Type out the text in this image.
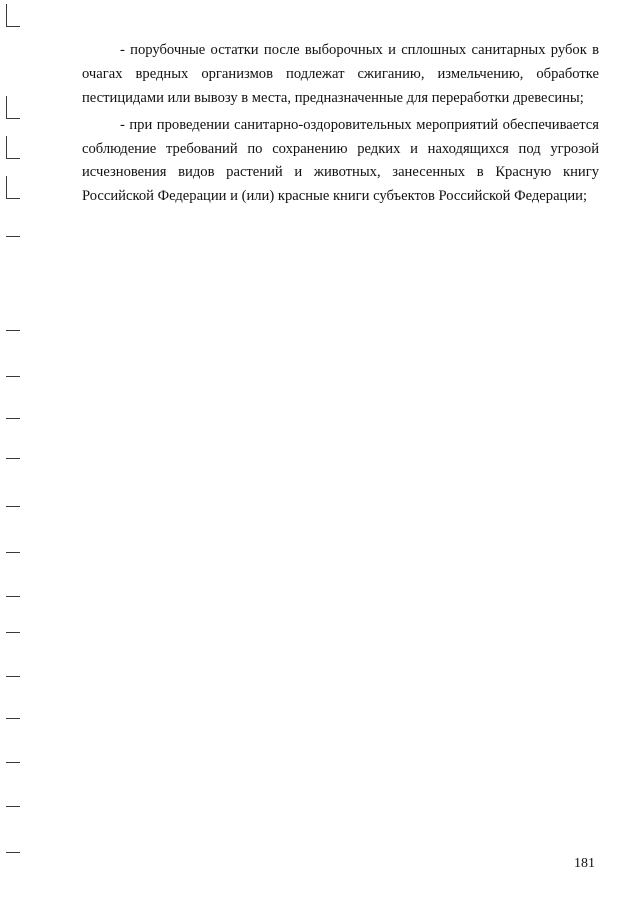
- порубочные остатки после выборочных и сплошных санитарных рубок в очагах вредных организмов подлежат сжиганию, измельчению, обработке пестицидами или вывозу в места, предназначенные для переработки древесины;

- при проведении санитарно-оздоровительных мероприятий обеспечивается соблюдение требований по сохранению редких и находящихся под угрозой исчезновения видов растений и животных, занесенных в Красную книгу Российской Федерации и (или) красные книги субъектов Российской Федерации;

181
